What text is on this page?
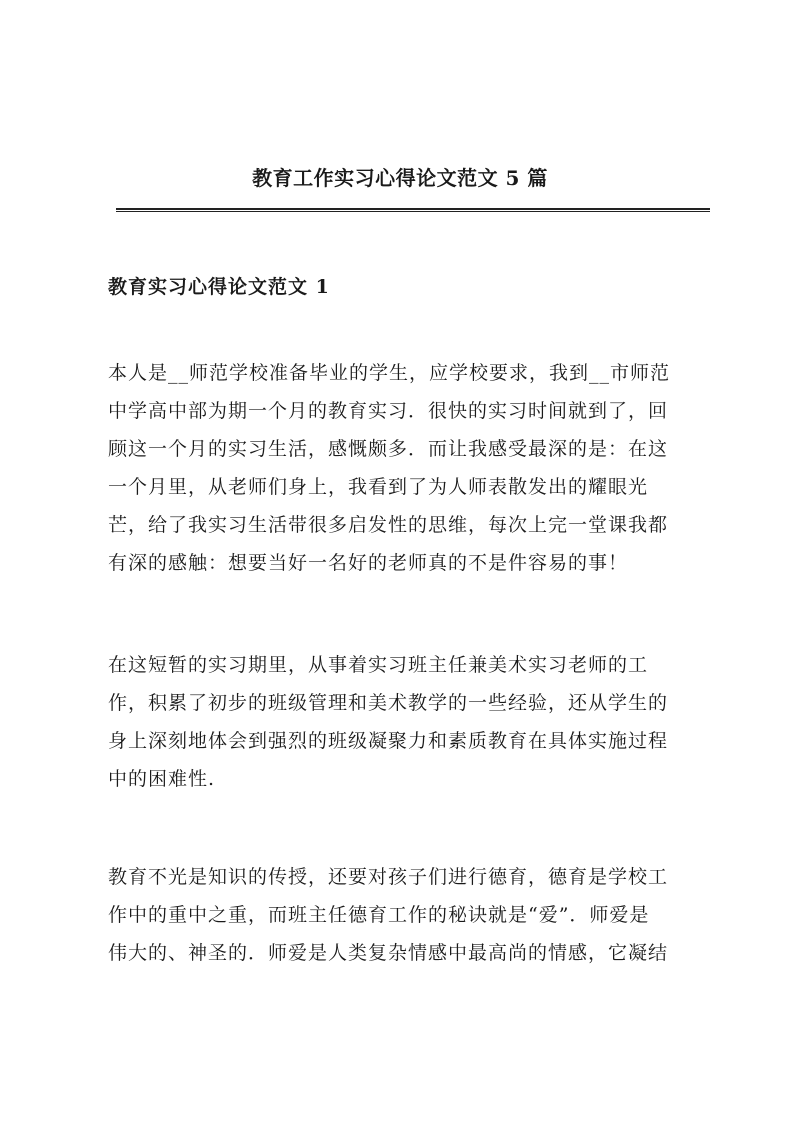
教育工作实习心得论文范文 5 篇
教育实习心得论文范文 1
本人是__师范学校准备毕业的学生，应学校要求，我到__市师范
中学高中部为期一个月的教育实习．很快的实习时间就到了，回
顾这一个月的实习生活，感慨颇多．而让我感受最深的是：在这
一个月里，从老师们身上，我看到了为人师表散发出的耀眼光
芒，给了我实习生活带很多启发性的思维，每次上完一堂课我都
有深的感触：想要当好一名好的老师真的不是件容易的事！
在这短暂的实习期里，从事着实习班主任兼美术实习老师的工
作，积累了初步的班级管理和美术教学的一些经验，还从学生的
身上深刻地体会到强烈的班级凝聚力和素质教育在具体实施过程
中的困难性.
教育不光是知识的传授，还要对孩子们进行德育，德育是学校工
作中的重中之重，而班主任德育工作的秘诀就是“爱”．师爱是
伟大的、神圣的．师爱是人类复杂情感中最高尚的情感，它凝结
